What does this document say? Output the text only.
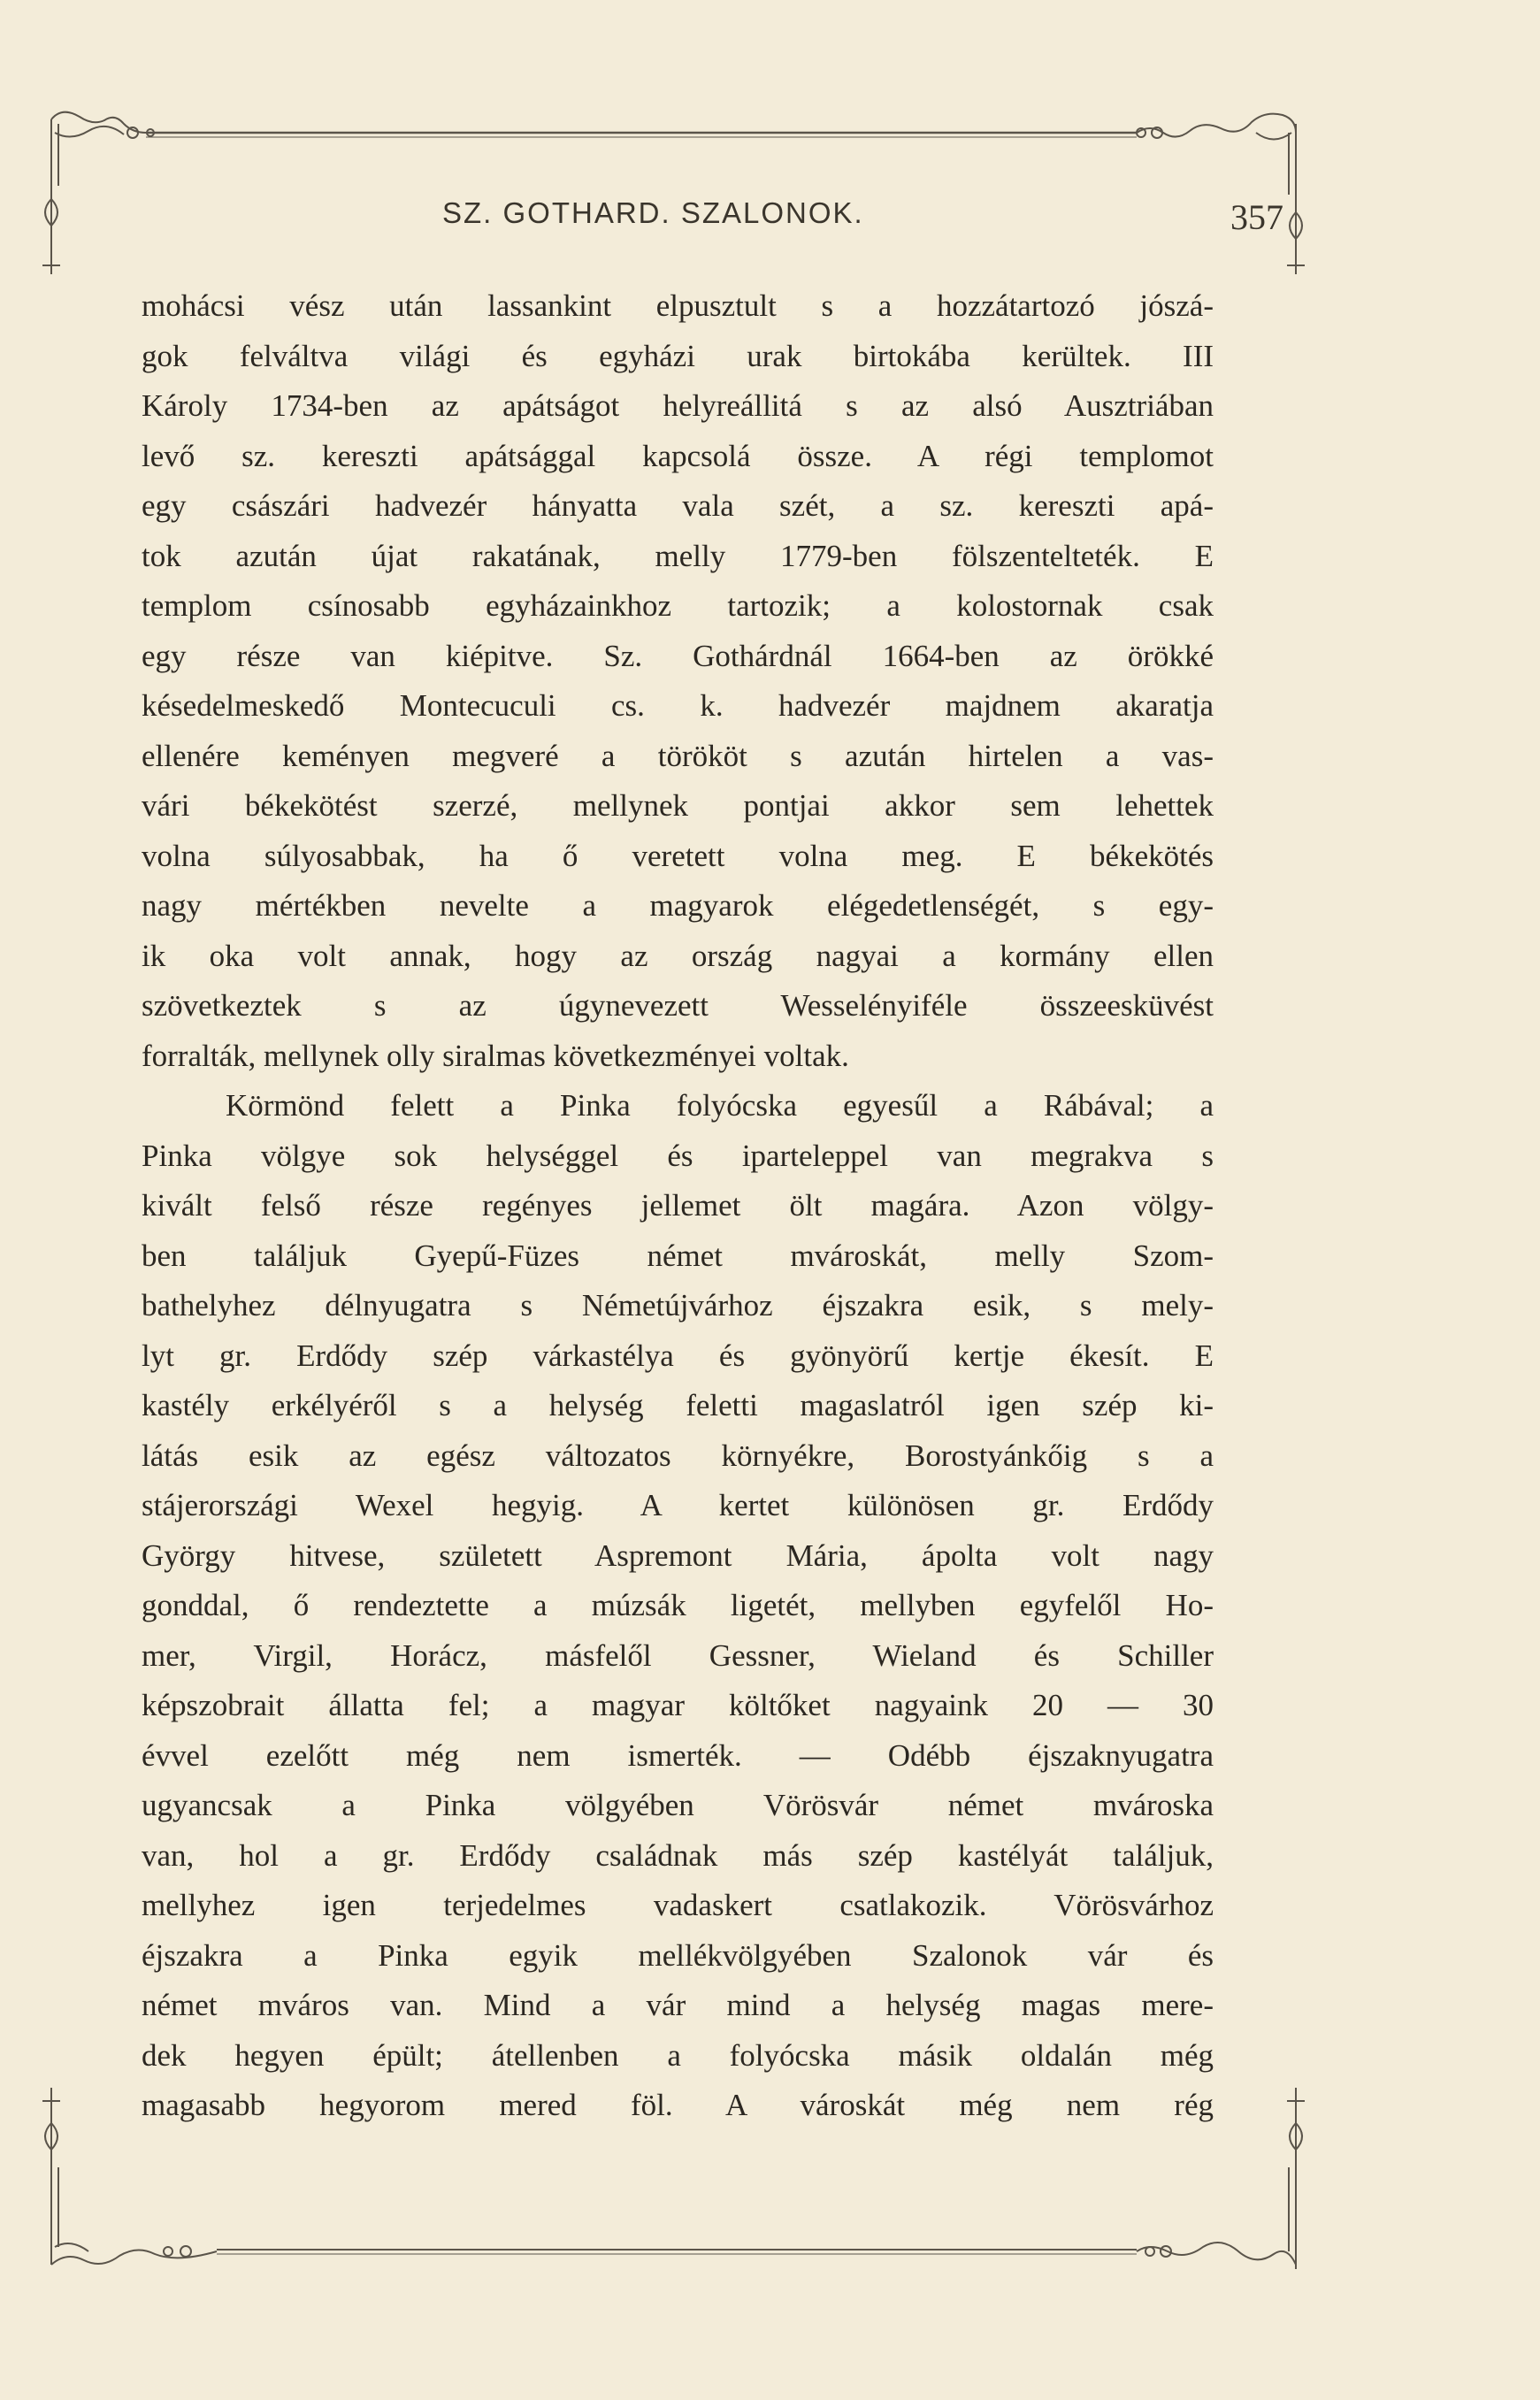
SZ. GOTHARD. SZALONOK.	357
mohácsi vész után lassankint elpusztult s a hozzátartozó jószá-
gok felváltva világi és egyházi urak birtokába kerültek. III
Károly 1734-ben az apátságot helyreállitá s az alsó Ausztriában
levő sz. kereszti apátsággal kapcsolá össze. A régi templomot
egy császári hadvezér hányatta vala szét, a sz. kereszti apá-
tok azután újat rakatának, melly 1779-ben fölszentelteték. E
templom csínosabb egyházainkhoz tartozik; a kolostornak csak
egy része van kiépitve. Sz. Gothárdnál 1664-ben az örökké
késedelmeskedő Montecuculi cs. k. hadvezér majdnem akaratja
ellenére keményen megveré a törököt s azután hirtelen a vas-
vári békekötést szerzé, mellynek pontjai akkor sem lehettek
volna súlyosabbak, ha ő veretett volna meg. E békekötés
nagy mértékben nevelte a magyarok elégedetlenségét, s egy-
ik oka volt annak, hogy az ország nagyai a kormány ellen
szövetkeztek s az úgynevezett Wesselényiféle összeesküvést
forralták, mellynek olly siralmas következményei voltak.
Körmönd felett a Pinka folyócska egyesűl a Rábával; a
Pinka völgye sok helységgel és ipartelеppel van megrakva s
kivált felső része regényes jellemet ölt magára. Azon völgy-
ben találjuk Gyepű-Füzes német mvároskát, melly Szom-
bathelyhez délnyugatra s Németújvárhoz éjszakra esik, s mely-
lyt gr. Erdődy szép várkastélya és gyönyörű kertje ékesít. E
kastély erkélyéről s a helység feletti magaslatról igen szép ki-
látás esik az egész változatos környékre, Borostyánkőig s a
stájerországi Wexel hegyig. A kertet különösen gr. Erdődy
György hitvese, született Aspremont Mária, ápolta volt nagy
gonddal, ő rendeztette a múzsák ligetét, mellyben egyfelől Ho-
mer, Virgil, Horácz, másfelől Gessner, Wieland és Schiller
képszobrait állatta fel; a magyar költőket nagyaink 20 — 30
évvel ezelőtt még nem ismerték. — Odébb éjszaknyugatra
ugyancsak a Pinka völgyében Vörösvár német mvároska
van, hol a gr. Erdődy családnak más szép kastélyát találjuk,
mellyhez igen terjedelmes vadaskert csatlakozik. Vörösvárhoz
éjszakra a Pinka egyik mellékvölgyében Szalonok vár és
német mváros van. Mind a vár mind a helység magas mere-
dek hegyen épült; átellenben a folyócska másik oldalán még
magasabb hegyorom mered föl. A városkát még nem rég
